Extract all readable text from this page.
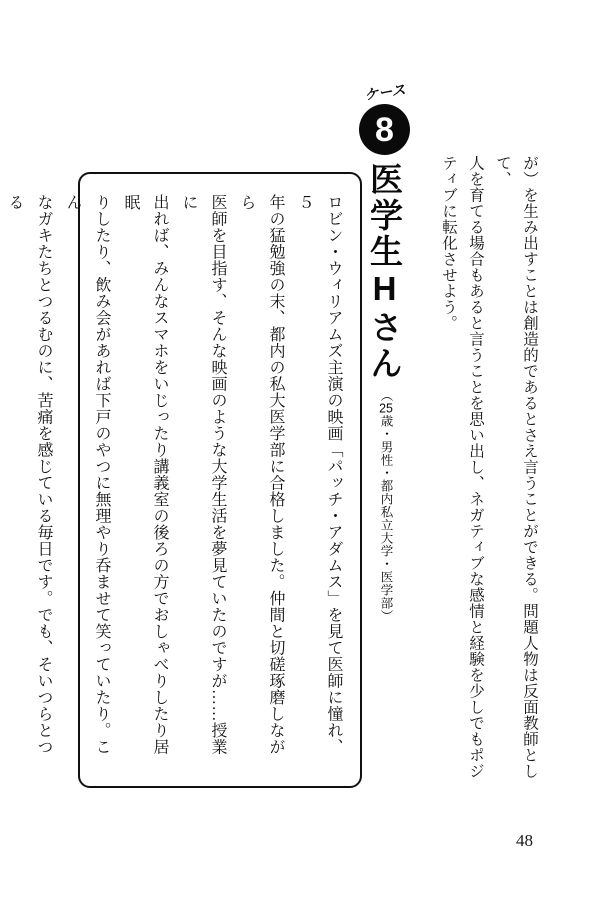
が）を生み出すことは創造的であるとさえ言うことができる。問題人物は反面教師として、
人を育てる場合もあると言うことを思い出し、ネガティブな感情と経験を少しでもポジ
ティブに転化させよう。
ケース
8
医学生Hさん
（25歳・男性・都内私立大学・医学部）
ロビン・ウィリアムズ主演の映画「パッチ・アダムス」を見て医師に憧れ、５
年の猛勉強の末、都内の私大医学部に合格しました。仲間と切磋琢磨しながら
医師を目指す、そんな映画のような大学生活を夢見ていたのですが……授業に
出れば、みんなスマホをいじったり講義室の後ろの方でおしゃべりしたり居眠
りしたり、飲み会があれば下戸のやつに無理やり呑ませて笑っていたり。こん
なガキたちとつるむのに、苦痛を感じている毎日です。でも、そいつらとつる
48
